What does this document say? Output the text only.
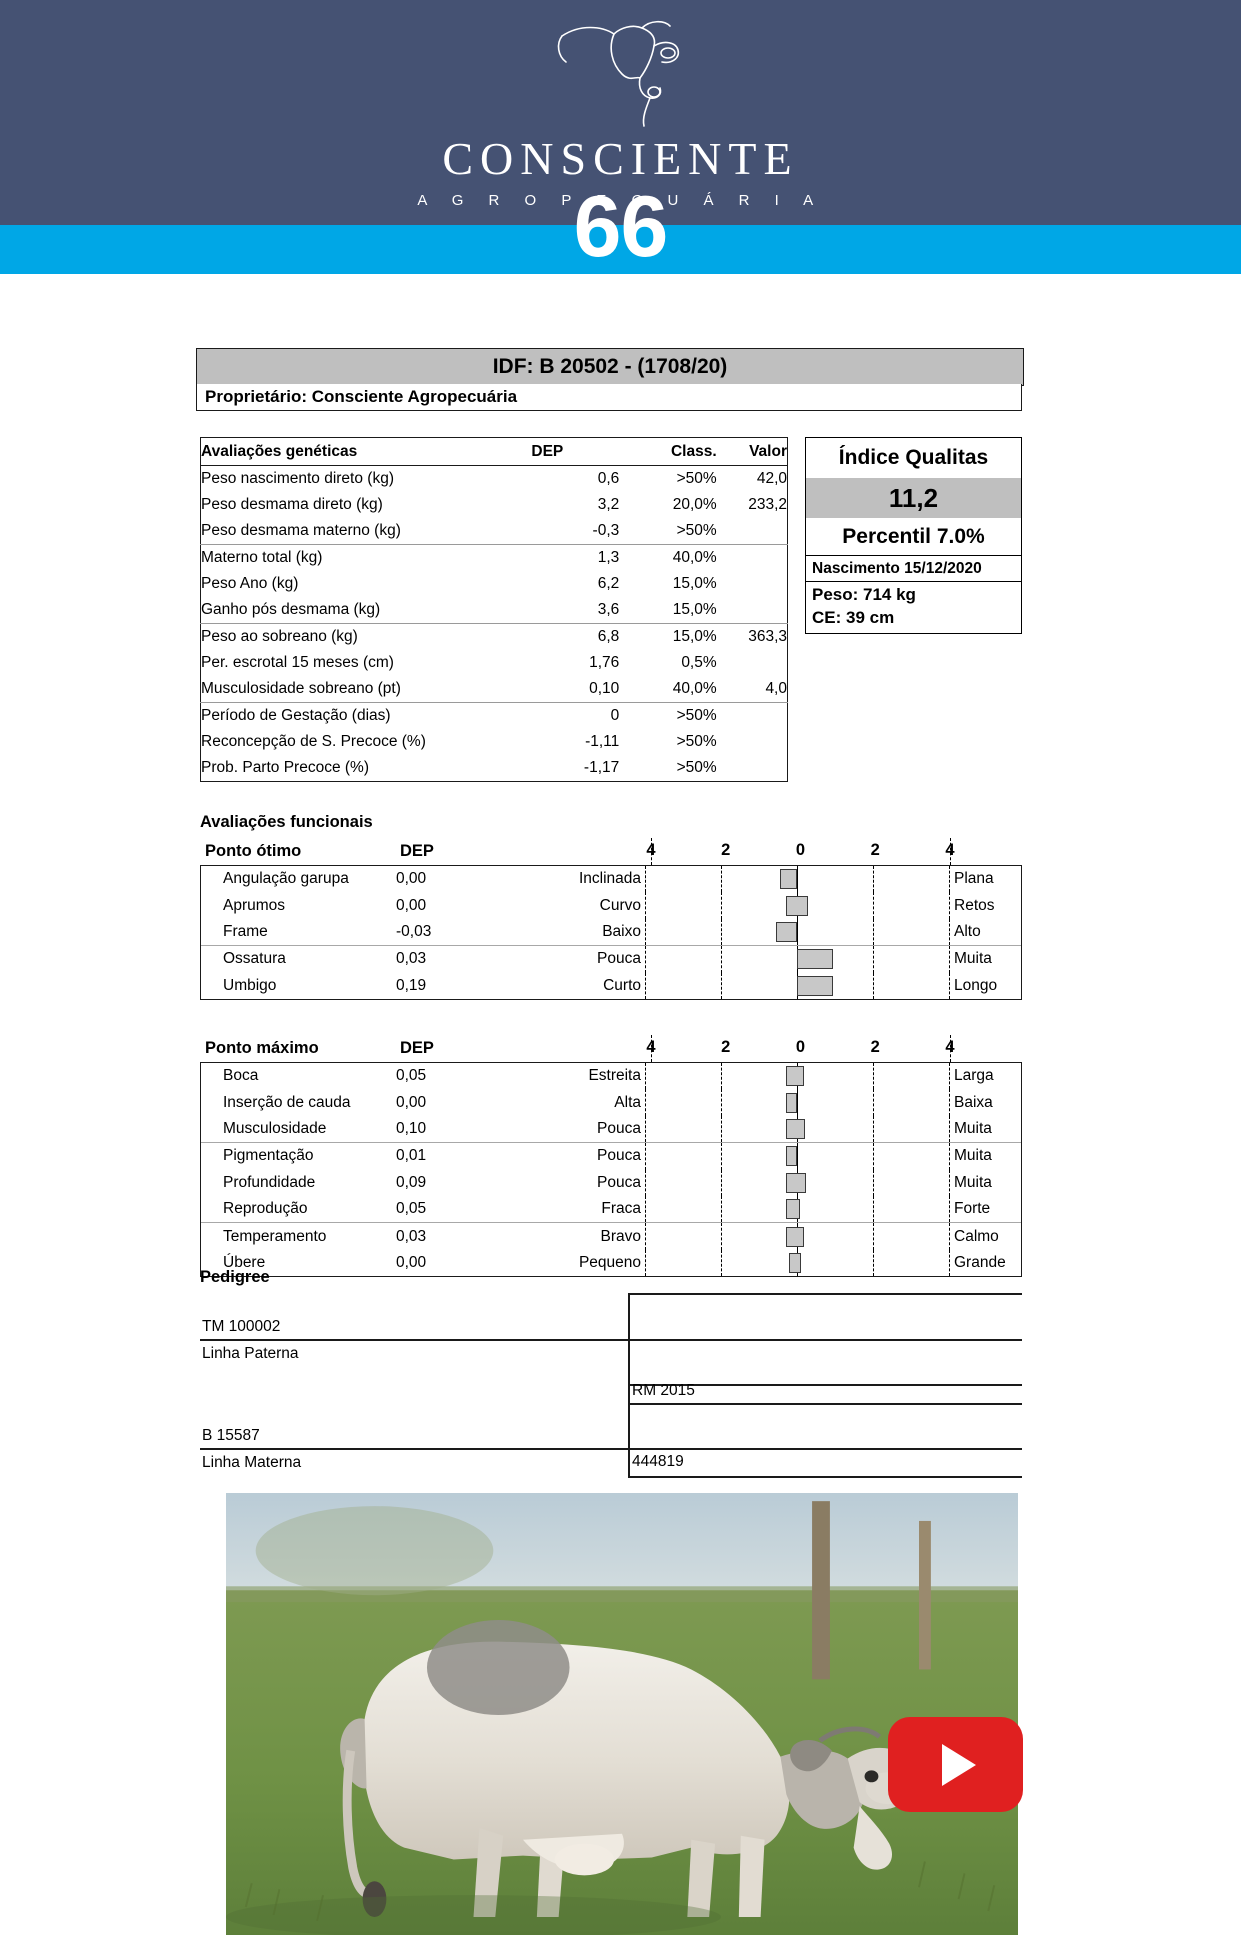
CONSCIENTE
A G R O P E C U Á R I A
66
IDF: B 20502 - (1708/20)
Proprietário: Consciente Agropecuária
Avaliações genéticas	DEP	Class.	Valor
Peso nascimento direto (kg)	0,6	>50%	42,0
Peso desmama direto (kg)	3,2	20,0%	233,2
Peso desmama materno (kg)	-0,3	>50%	
Materno total (kg)	1,3	40,0%	
Peso Ano (kg)	6,2	15,0%	
Ganho pós desmama (kg)	3,6	15,0%	
Peso ao sobreano (kg)	6,8	15,0%	363,3
Per. escrotal 15 meses (cm)	1,76	0,5%	
Musculosidade sobreano (pt)	0,10	40,0%	4,0
Período de Gestação (dias)	0	>50%	
Reconcepção de S. Precoce (%)	-1,11	>50%	
Prob. Parto Precoce (%)	-1,17	>50%	
Índice Qualitas
11,2
Percentil 7.0%
Nascimento 15/12/2020
Peso: 714 kg
CE: 39 cm
Avaliações funcionais
Ponto ótimo	DEP	4	2	0	2	4
Angulação garupa	0,00	Inclinada	Plana
Aprumos	0,00	Curvo	Retos
Frame	-0,03	Baixo	Alto
Ossatura	0,03	Pouca	Muita
Umbigo	0,19	Curto	Longo
Ponto máximo	DEP	4	2	0	2	4
Boca	0,05	Estreita	Larga
Inserção de cauda	0,00	Alta	Baixa
Musculosidade	0,10	Pouca	Muita
Pigmentação	0,01	Pouca	Muita
Profundidade	0,09	Pouca	Muita
Reprodução	0,05	Fraca	Forte
Temperamento	0,03	Bravo	Calmo
Úbere	0,00	Pequeno	Grande
Pedigree
TM 100002
Linha Paterna
B 15587
Linha Materna
RM 2015
444819
